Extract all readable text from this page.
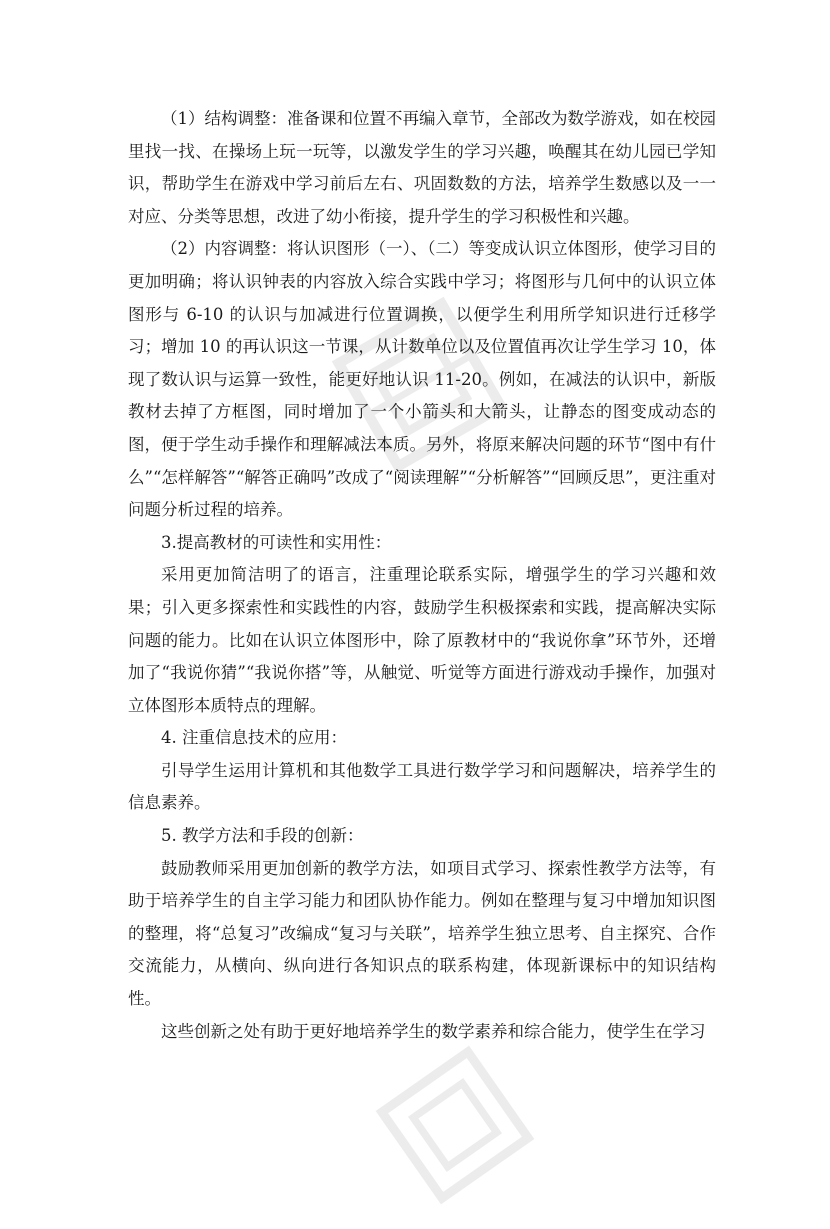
（1）结构调整：准备课和位置不再编入章节，全部改为数学游戏，如在校园里找一找、在操场上玩一玩等，以激发学生的学习兴趣，唤醒其在幼儿园已学知识，帮助学生在游戏中学习前后左右、巩固数数的方法，培养学生数感以及一一对应、分类等思想，改进了幼小衔接，提升学生的学习积极性和兴趣。

（2）内容调整：将认识图形（一）、（二）等变成认识立体图形，使学习目的更加明确；将认识钟表的内容放入综合实践中学习；将图形与几何中的认识立体图形与 6-10 的认识与加减进行位置调换，以便学生利用所学知识进行迁移学习；增加 10 的再认识这一节课，从计数单位以及位置值再次让学生学习 10，体现了数认识与运算一致性，能更好地认识 11-20。例如，在减法的认识中，新版教材去掉了方框图，同时增加了一个小箭头和大箭头，让静态的图变成动态的图，便于学生动手操作和理解减法本质。另外，将原来解决问题的环节“图中有什么”“怎样解答”“解答正确吗”改成了“阅读理解”“分析解答”“回顾反思”，更注重对问题分析过程的培养。

3.提高教材的可读性和实用性：

采用更加简洁明了的语言，注重理论联系实际，增强学生的学习兴趣和效果；引入更多探索性和实践性的内容，鼓励学生积极探索和实践，提高解决实际问题的能力。比如在认识立体图形中，除了原教材中的“我说你拿”环节外，还增加了“我说你猜”“我说你搭”等，从触觉、听觉等方面进行游戏动手操作，加强对立体图形本质特点的理解。

4. 注重信息技术的应用：

引导学生运用计算机和其他数学工具进行数学学习和问题解决，培养学生的信息素养。

5. 教学方法和手段的创新：

鼓励教师采用更加创新的教学方法，如项目式学习、探索性教学方法等，有助于培养学生的自主学习能力和团队协作能力。例如在整理与复习中增加知识图的整理，将“总复习”改编成“复习与关联”，培养学生独立思考、自主探究、合作交流能力，从横向、纵向进行各知识点的联系构建，体现新课标中的知识结构性。

这些创新之处有助于更好地培养学生的数学素养和综合能力，使学生在学习
